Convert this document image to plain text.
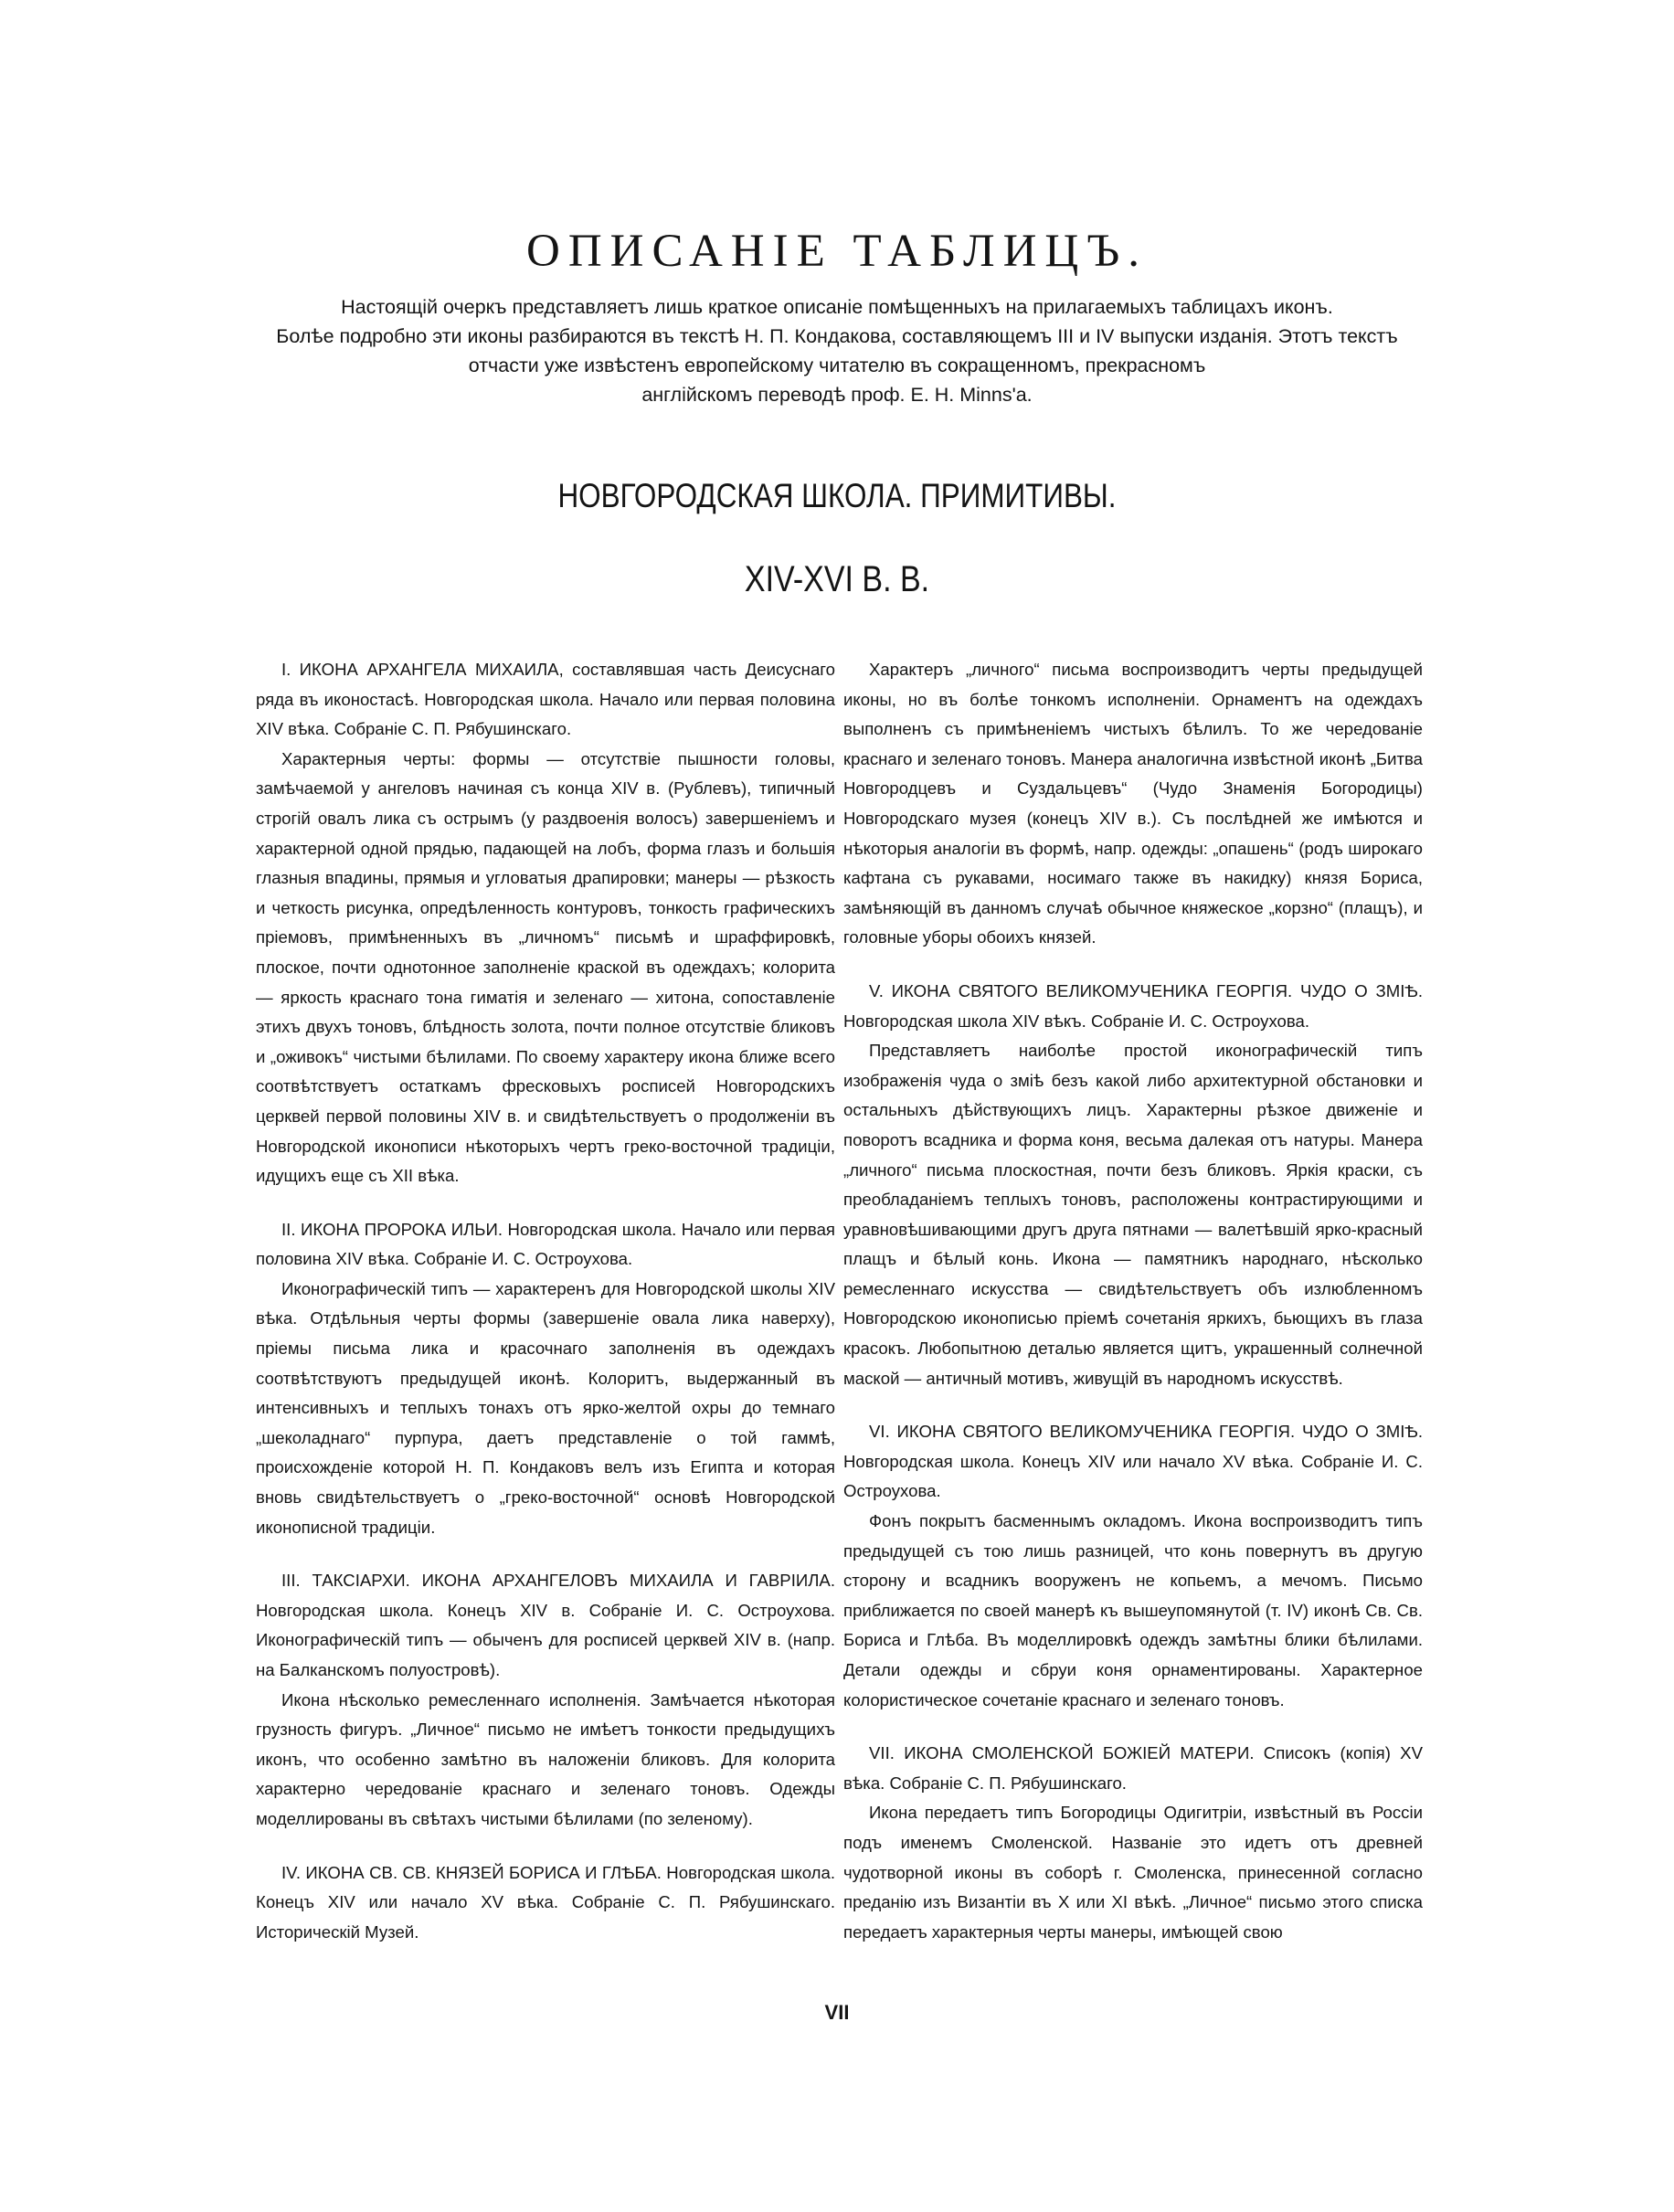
ОПИСАНІЕ ТАБЛИЦЪ.
Настоящій очеркъ представляетъ лишь краткое описаніе помѣщенныхъ на прилагаемыхъ таблицахъ иконъ.
Болѣе подробно эти иконы разбираются въ текстѣ Н. П. Кондакова, составляющемъ III и IV выпуски изданія. Этотъ текстъ
отчасти уже извѣстенъ европейскому читателю въ сокращенномъ, прекрасномъ
англійскомъ переводѣ проф. Е. Н. Minns'a.
НОВГОРОДСКАЯ ШКОЛА. ПРИМИТИВЫ.
XIV-XVI В. В.

I. ИКОНА АРХАНГЕЛА МИХАИЛА, составлявшая часть Деисуснаго ряда въ иконостасѣ. Новгородская школа. Начало или первая половина XIV вѣка. Собраніе С. П. Рябушинскаго.

Характерныя черты: формы — отсутствіе пышности головы, замѣчаемой у ангеловъ начиная съ конца XIV в. (Рублевъ), типичный строгій овалъ лика съ острымъ (у раздвоенія волосъ) завершеніемъ и характерной одной прядью, падающей на лобъ, форма глазъ и большія глазныя впадины, прямыя и угловатыя драпировки; манеры — рѣзкость и четкость рисунка, опредѣленность контуровъ, тонкость графическихъ пріемовъ, примѣненныхъ въ „личномъ“ письмѣ и шраффировкѣ, плоское, почти однотонное заполненіе краской въ одеждахъ; колорита — яркость краснаго тона гиматія и зеленаго — хитона, сопоставленіе этихъ двухъ тоновъ, блѣдность золота, почти полное отсутствіе бликовъ и „оживокъ“ чистыми бѣлилами. По своему характеру икона ближе всего соотвѣтствуетъ остаткамъ фресковыхъ росписей Новгородскихъ церквей первой половины XIV в. и свидѣтельствуетъ о продолженіи въ Новгородской иконописи нѣкоторыхъ чертъ греко-восточной традиціи, идущихъ еще съ XII вѣка.

II. ИКОНА ПРОРОКА ИЛЬИ. Новгородская школа. Начало или первая половина XIV вѣка. Собраніе И. С. Остроухова.

Иконографическій типъ — характеренъ для Новгородской школы XIV вѣка. Отдѣльныя черты формы (завершеніе овала лика наверху), пріемы письма лика и красочнаго заполненія въ одеждахъ соотвѣтствуютъ предыдущей иконѣ. Колоритъ, выдержанный въ интенсивныхъ и теплыхъ тонахъ отъ ярко-желтой охры до темнаго „шеколаднаго“ пурпура, даетъ представленіе о той гаммѣ, происхожденіе которой Н. П. Кондаковъ велъ изъ Египта и которая вновь свидѣтельствуетъ о „греко-восточной“ основѣ Новгородской иконописной традиціи.

III. ТАКСІАРХИ. ИКОНА АРХАНГЕЛОВЪ МИХАИЛА И ГАВРІИЛА. Новгородская школа. Конецъ XIV в. Собраніе И. С. Остроухова. Иконографическій типъ — обыченъ для росписей церквей XIV в. (напр. на Балканскомъ полуостровѣ).

Икона нѣсколько ремесленнаго исполненія. Замѣчается нѣкоторая грузность фигуръ. „Личное“ письмо не имѣетъ тонкости предыдущихъ иконъ, что особенно замѣтно въ наложеніи бликовъ. Для колорита характерно чередованіе краснаго и зеленаго тоновъ. Одежды моделлированы въ свѣтахъ чистыми бѣлилами (по зеленому).

IV. ИКОНА СВ. СВ. КНЯЗЕЙ БОРИСА И ГЛѢБА. Новгородская школа. Конецъ XIV или начало XV вѣка. Собраніе С. П. Рябушинскаго. Историческій Музей.

Характеръ „личного“ письма воспроизводитъ черты предыдущей иконы, но въ болѣе тонкомъ исполненіи. Орнаментъ на одеждахъ выполненъ съ примѣненіемъ чистыхъ бѣлилъ. То же чередованіе краснаго и зеленаго тоновъ. Манера аналогична извѣстной иконѣ „Битва Новгородцевъ и Суздальцевъ“ (Чудо Знаменія Богородицы) Новгородскаго музея (конецъ XIV в.). Съ послѣдней же имѣются и нѣкоторыя аналогіи въ формѣ, напр. одежды: „опашень“ (родъ широкаго кафтана съ рукавами, носимаго также въ накидку) князя Бориса, замѣняющій въ данномъ случаѣ обычное княжеское „корзно“ (плащъ), и головные уборы обоихъ князей.

V. ИКОНА СВЯТОГО ВЕЛИКОМУЧЕНИКА ГЕОРГІЯ. ЧУДО О ЗМІѢ. Новгородская школа XIV вѣкъ. Собраніе И. С. Остроухова.

Представляетъ наиболѣе простой иконографическій типъ изображенія чуда о змiѣ безъ какой либо архитектурной обстановки и остальныхъ дѣйствующихъ лицъ. Характерны рѣзкое движеніе и поворотъ всадника и форма коня, весьма далекая отъ натуры. Манера „личного“ письма плоскостная, почти безъ бликовъ. Яркія краски, съ преобладаніемъ теплыхъ тоновъ, расположены контрастирующими и уравновѣшивающими другъ друга пятнами — валетѣвшій ярко-красный плащъ и бѣлый конь. Икона — памятникъ народнаго, нѣсколько ремесленнаго искусства — свидѣтельствуетъ объ излюбленномъ Новгородскою иконописью пріемѣ сочетанія яркихъ, бьющихъ въ глаза красокъ. Любопытною деталью является щитъ, украшенный солнечной маской — античный мотивъ, живущій въ народномъ искусствѣ.

VI. ИКОНА СВЯТОГО ВЕЛИКОМУЧЕНИКА ГЕОРГІЯ. ЧУДО О ЗМІѢ. Новгородская школа. Конецъ XIV или начало XV вѣка. Собраніе И. С. Остроухова.

Фонъ покрытъ басменнымъ окладомъ. Икона воспроизводитъ типъ предыдущей съ тою лишь разницей, что конь повернутъ въ другую сторону и всадникъ вооруженъ не копьемъ, а мечомъ. Письмо приближается по своей манерѣ къ вышеупомянутой (т. IV) иконѣ Св. Св. Бориса и Глѣба. Въ моделлировкѣ одеждъ замѣтны блики бѣлилами. Детали одежды и сбруи коня орнаментированы. Характерное колористическое сочетаніе краснаго и зеленаго тоновъ.

VII. ИКОНА СМОЛЕНСКОЙ БОЖІЕЙ МАТЕРИ. Списокъ (копія) XV вѣка. Собраніе С. П. Рябушинскаго.

Икона передаетъ типъ Богородицы Одигитріи, извѣстный въ Россіи подъ именемъ Смоленской. Названіе это идетъ отъ древней чудотворной иконы въ соборѣ г. Смоленска, принесенной согласно преданію изъ Византіи въ X или XI вѣкѣ. „Личное“ письмо этого списка передаетъ характерныя черты манеры, имѣющей свою

VII
